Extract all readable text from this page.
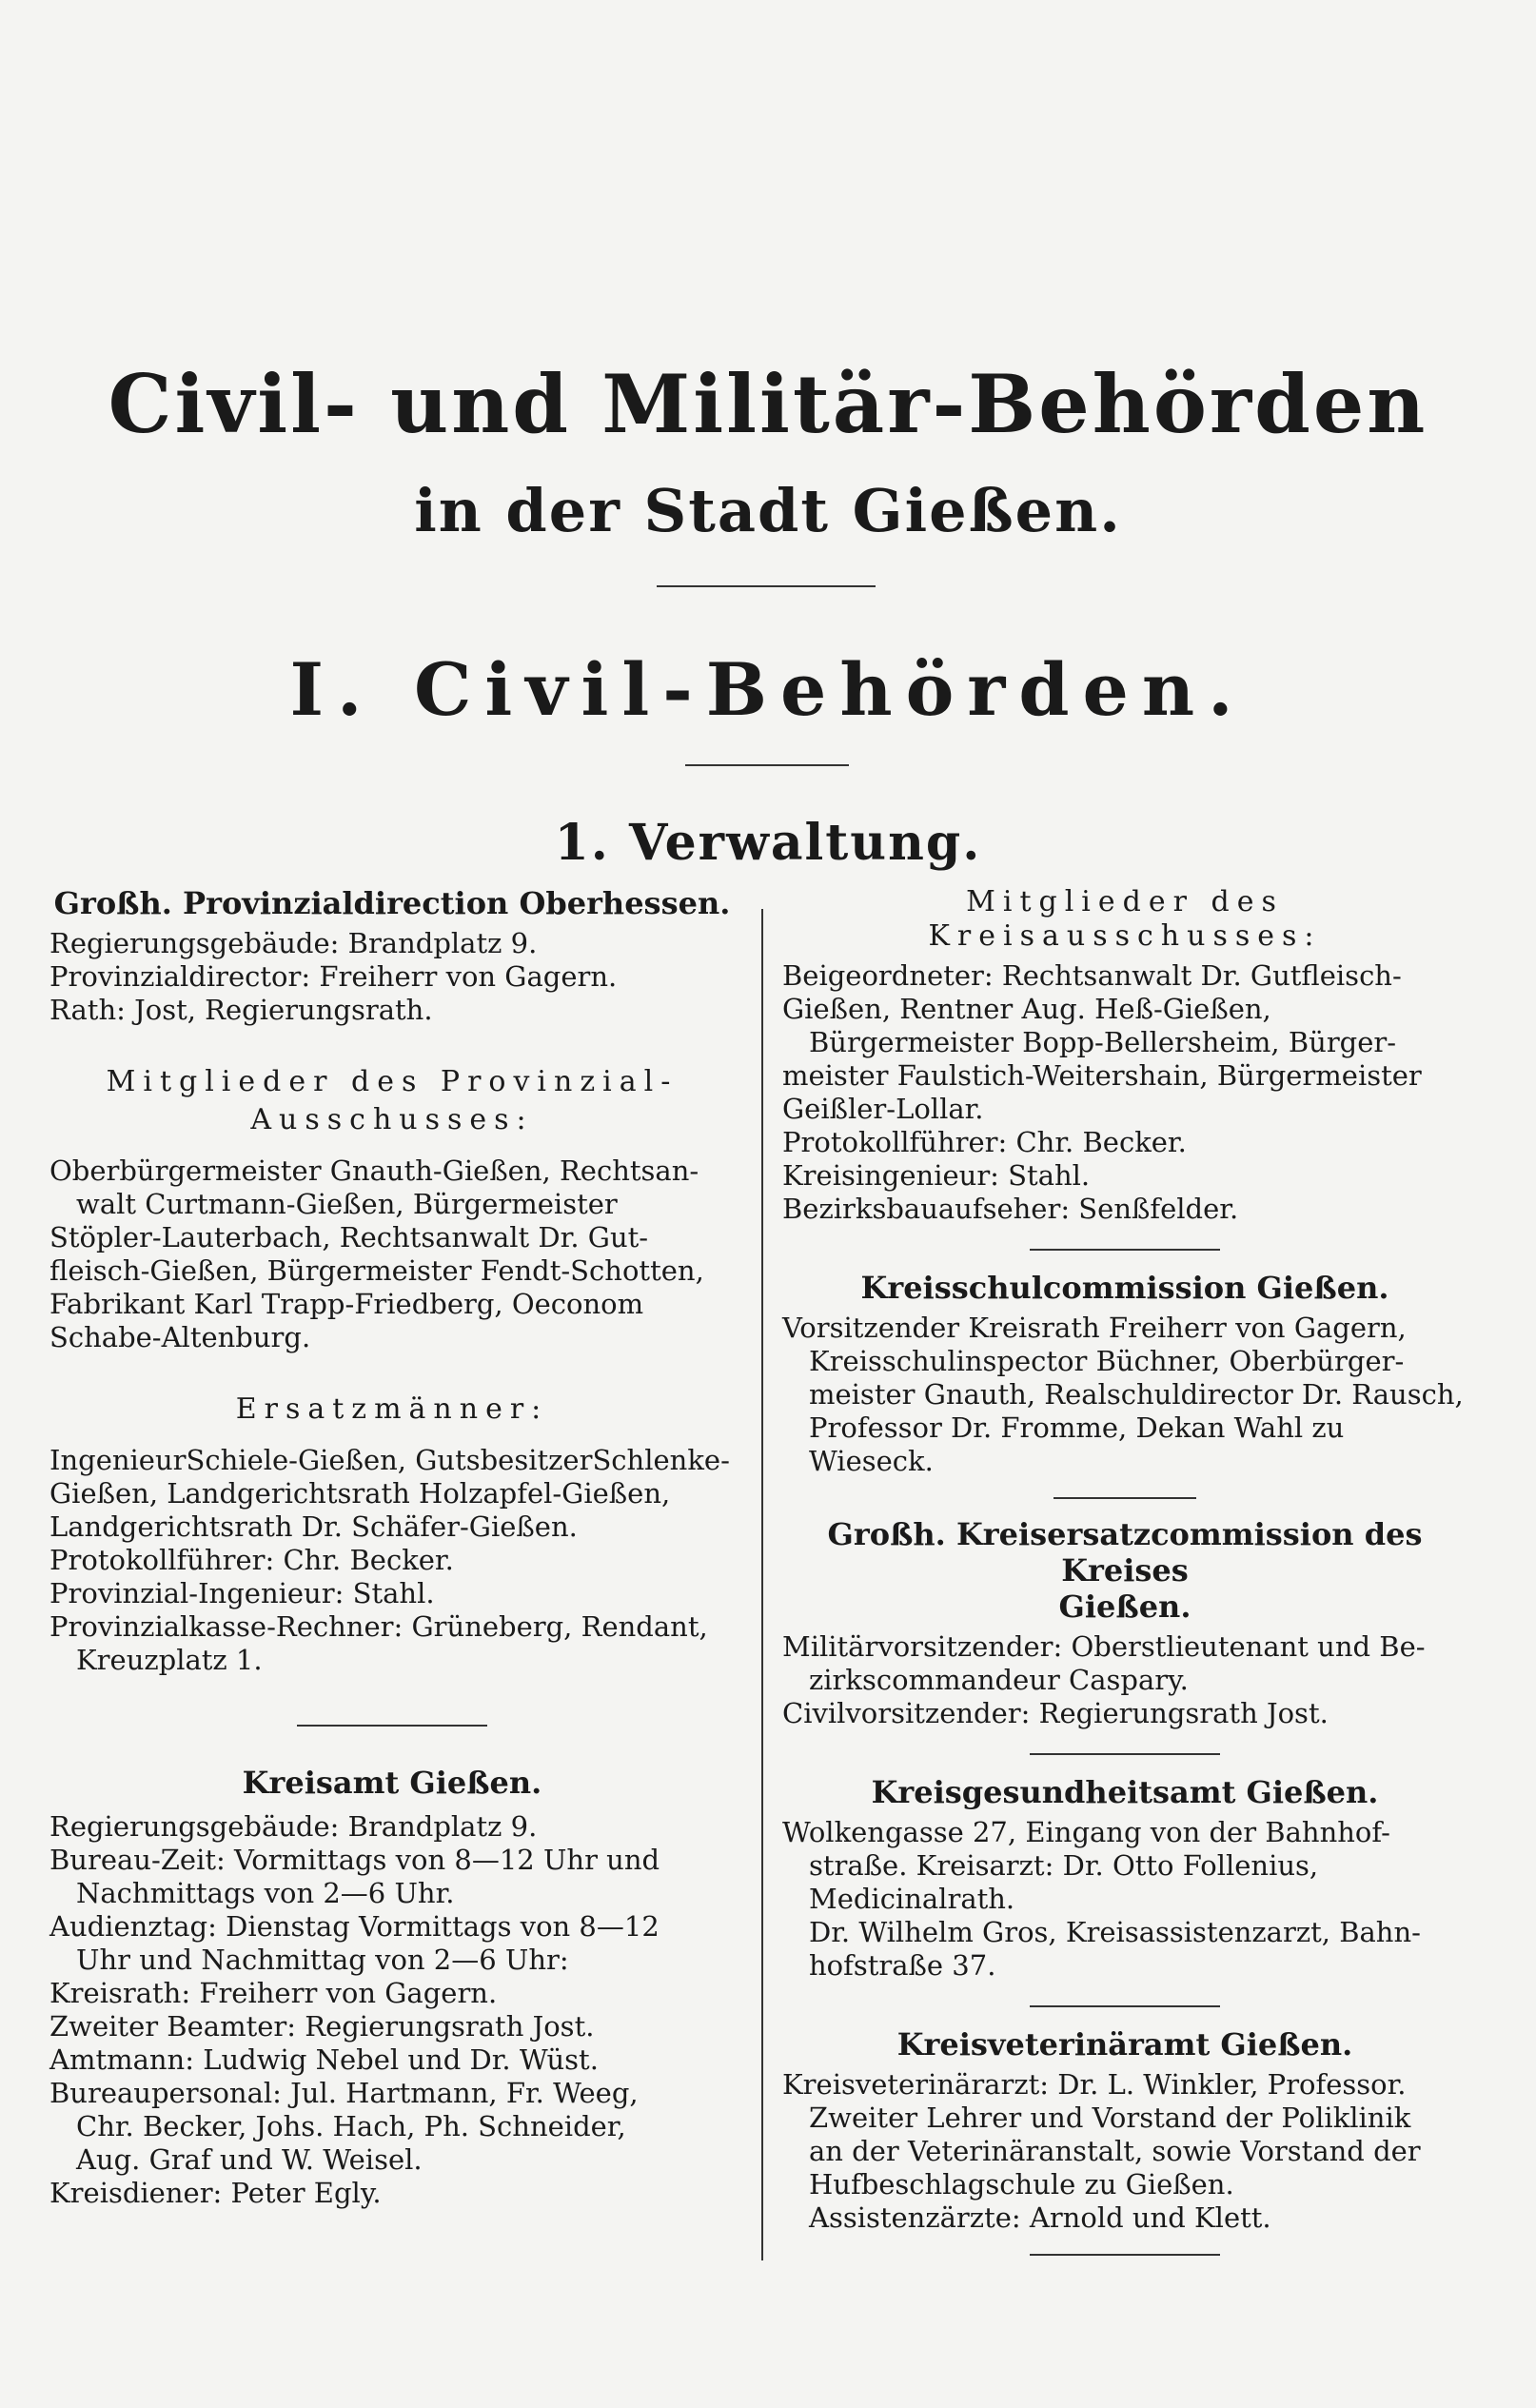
Civil- und Militär-Behörden
in der Stadt Gießen.
I. Civil-Behörden.
1. Verwaltung.
Großh. Provinzialdirection Oberhessen.
Regierungsgebäude: Brandplatz 9.
Provinzialdirector: Freiherr von Gagern.
Rath: Jost, Regierungsrath.
Mitglieder des Provinzial-
Ausschusses:
Oberbürgermeister Gnauth-Gießen, Rechtsan-
walt Curtmann-Gießen, Bürgermeister
Stöpler-Lauterbach, Rechtsanwalt Dr. Gut-
fleisch-Gießen, Bürgermeister Fendt-Schotten,
Fabrikant Karl Trapp-Friedberg, Oeconom
Schabe-Altenburg.
Ersatzmänner:
IngenieurSchiele-Gießen, GutsbesitzerSchlenke-
Gießen, Landgerichtsrath Holzapfel-Gießen,
Landgerichtsrath Dr. Schäfer-Gießen.
Protokollführer: Chr. Becker.
Provinzial-Ingenieur: Stahl.
Provinzialkasse-Rechner: Grüneberg, Rendant,
Kreuzplatz 1.
Kreisamt Gießen.
Regierungsgebäude: Brandplatz 9.
Bureau-Zeit: Vormittags von 8—12 Uhr und
Nachmittags von 2—6 Uhr.
Audienztag: Dienstag Vormittags von 8—12
Uhr und Nachmittag von 2—6 Uhr:
Kreisrath: Freiherr von Gagern.
Zweiter Beamter: Regierungsrath Jost.
Amtmann: Ludwig Nebel und Dr. Wüst.
Bureaupersonal: Jul. Hartmann, Fr. Weeg,
Chr. Becker, Johs. Hach, Ph. Schneider,
Aug. Graf und W. Weisel.
Kreisdiener: Peter Egly.
Mitglieder des Kreisausschusses:
Beigeordneter: Rechtsanwalt Dr. Gutfleisch-
Gießen, Rentner Aug. Heß-Gießen,
Bürgermeister Bopp-Bellersheim, Bürger-
meister Faulstich-Weitershain, Bürgermeister
Geißler-Lollar.
Protokollführer: Chr. Becker.
Kreisingenieur: Stahl.
Bezirksbauaufseher: Senßfelder.
Kreisschulcommission Gießen.
Vorsitzender Kreisrath Freiherr von Gagern,
Kreisschulinspector Büchner, Oberbürger-
meister Gnauth, Realschuldirector Dr. Rausch,
Professor Dr. Fromme, Dekan Wahl zu
Wieseck.
Großh. Kreisersatzcommission des Kreises
Gießen.
Militärvorsitzender: Oberstlieutenant und Be-
zirkscommandeur Caspary.
Civilvorsitzender: Regierungsrath Jost.
Kreisgesundheitsamt Gießen.
Wolkengasse 27, Eingang von der Bahnhof-
straße. Kreisarzt: Dr. Otto Follenius,
Medicinalrath.
Dr. Wilhelm Gros, Kreisassistenzarzt, Bahn-
hofstraße 37.
Kreisveterinäramt Gießen.
Kreisveterinärarzt: Dr. L. Winkler, Professor.
Zweiter Lehrer und Vorstand der Poliklinik
an der Veterinäranstalt, sowie Vorstand der
Hufbeschlagschule zu Gießen.
Assistenzärzte: Arnold und Klett.
